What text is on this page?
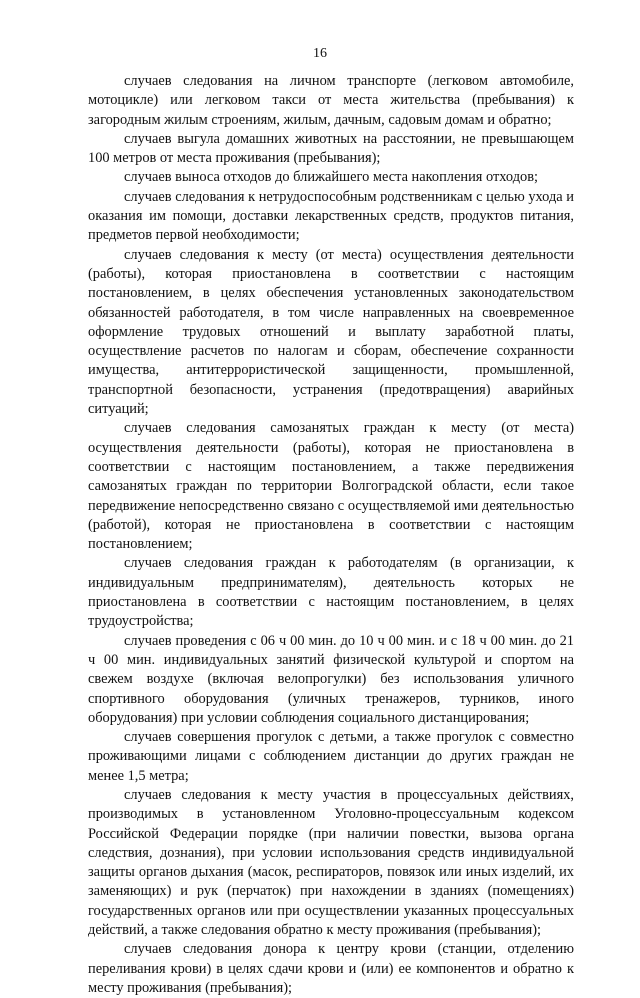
16

случаев следования на личном транспорте (легковом автомобиле, мотоцикле) или легковом такси от места жительства (пребывания) к загородным жилым строениям, жилым, дачным, садовым домам и обратно;

случаев выгула домашних животных на расстоянии, не превышающем 100 метров от места проживания (пребывания);

случаев выноса отходов до ближайшего места накопления отходов;

случаев следования к нетрудоспособным родственникам с целью ухода и оказания им помощи, доставки лекарственных средств, продуктов питания, предметов первой необходимости;

случаев следования к месту (от места) осуществления деятельности (работы), которая приостановлена в соответствии с настоящим постановлением, в целях обеспечения установленных законодательством обязанностей работодателя, в том числе направленных на своевременное оформление трудовых отношений и выплату заработной платы, осуществление расчетов по налогам и сборам, обеспечение сохранности имущества, антитеррористической защищенности, промышленной, транспортной безопасности, устранения (предотвращения) аварийных ситуаций;

случаев следования самозанятых граждан к месту (от места) осуществления деятельности (работы), которая не приостановлена в соответствии с настоящим постановлением, а также передвижения самозанятых граждан по территории Волгоградской области, если такое передвижение непосредственно связано с осуществляемой ими деятельностью (работой), которая не приостановлена в соответствии с настоящим постановлением;

случаев следования граждан к работодателям (в организации, к индивидуальным предпринимателям), деятельность которых не приостановлена в соответствии с настоящим постановлением, в целях трудоустройства;

случаев проведения с 06 ч 00 мин. до 10 ч 00 мин. и с 18 ч 00 мин. до 21 ч 00 мин. индивидуальных занятий физической культурой и спортом на свежем воздухе (включая велопрогулки) без использования уличного спортивного оборудования (уличных тренажеров, турников, иного оборудования) при условии соблюдения социального дистанцирования;

случаев совершения прогулок с детьми, а также прогулок с совместно проживающими лицами с соблюдением дистанции до других граждан не менее 1,5 метра;

случаев следования к месту участия в процессуальных действиях, производимых в установленном Уголовно-процессуальным кодексом Российской Федерации порядке (при наличии повестки, вызова органа следствия, дознания), при условии использования средств индивидуальной защиты органов дыхания (масок, респираторов, повязок или иных изделий, их заменяющих) и рук (перчаток) при нахождении в зданиях (помещениях) государственных органов или при осуществлении указанных процессуальных действий, а также следования обратно к месту проживания (пребывания);

случаев следования донора к центру крови (станции, отделению переливания крови) в целях сдачи крови и (или) ее компонентов и обратно к месту проживания (пребывания);
